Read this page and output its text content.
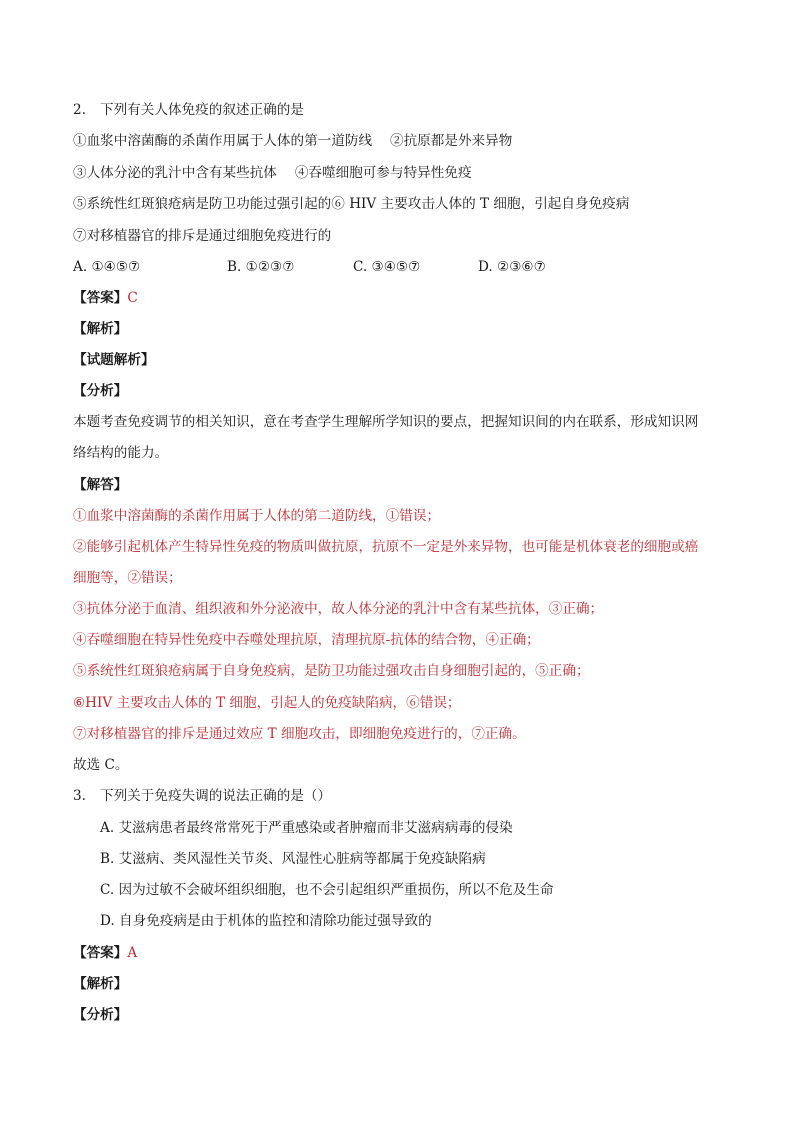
2. 下列有关人体免疫的叙述正确的是
①血浆中溶菌酶的杀菌作用属于人体的第一道防线　 ②抗原都是外来异物
③人体分泌的乳汁中含有某些抗体　 ④吞噬细胞可参与特异性免疫
⑤系统性红斑狼疮病是防卫功能过强引起的⑥ HIV 主要攻击人体的 T 细胞，引起自身免疫病
⑦对移植器官的排斥是通过细胞免疫进行的
A. ①④⑤⑦	B. ①②③⑦	C. ③④⑤⑦	D. ②③⑥⑦
【答案】C
【解析】
【试题解析】
【分析】
本题考查免疫调节的相关知识，意在考查学生理解所学知识的要点，把握知识间的内在联系，形成知识网
络结构的能力。
【解答】
①血浆中溶菌酶的杀菌作用属于人体的第二道防线，①错误；
②能够引起机体产生特异性免疫的物质叫做抗原，抗原不一定是外来异物，也可能是机体衰老的细胞或癌
细胞等，②错误；
③抗体分泌于血清、组织液和外分泌液中，故人体分泌的乳汁中含有某些抗体，③正确；
④吞噬细胞在特异性免疫中吞噬处理抗原，清理抗原-抗体的结合物，④正确；
⑤系统性红斑狼疮病属于自身免疫病，是防卫功能过强攻击自身细胞引起的，⑤正确；
⑥HIV 主要攻击人体的 T 细胞，引起人的免疫缺陷病，⑥错误；
⑦对移植器官的排斥是通过效应 T 细胞攻击，即细胞免疫进行的，⑦正确。
故选 C。
3. 下列关于免疫失调的说法正确的是（）
A. 艾滋病患者最终常常死于严重感染或者肿瘤而非艾滋病病毒的侵染
B. 艾滋病、类风湿性关节炎、风湿性心脏病等都属于免疫缺陷病
C. 因为过敏不会破坏组织细胞，也不会引起组织严重损伤，所以不危及生命
D. 自身免疫病是由于机体的监控和清除功能过强导致的
【答案】A
【解析】
【分析】
